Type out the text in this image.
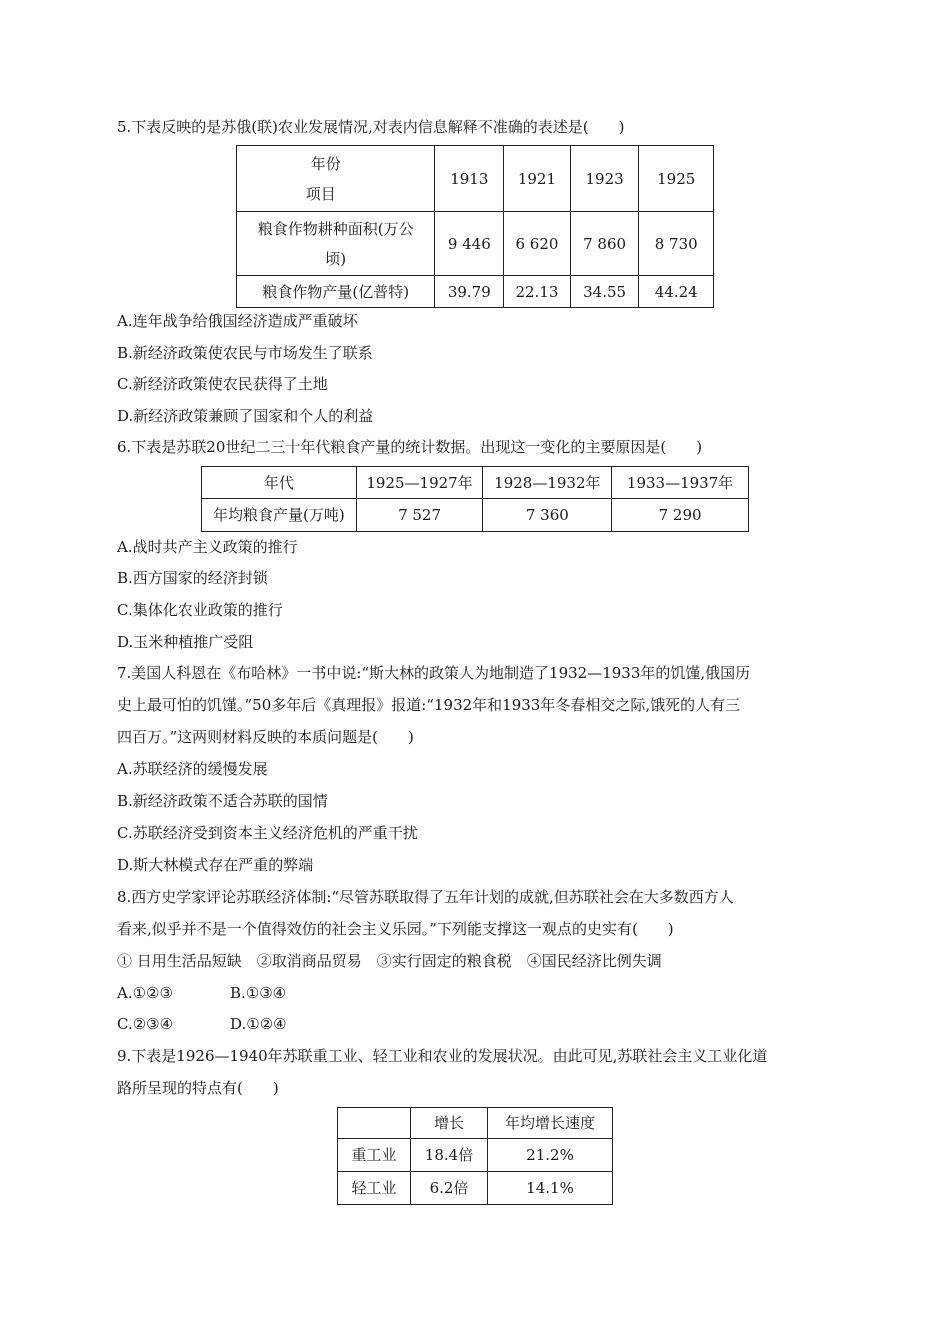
5.下表反映的是苏俄(联)农业发展情况,对表内信息解释不准确的表述是(　　)
年份
项目	1913	1921	1923	1925

粮食作物耕种面积(万公
顷)	9 446	6 620	7 860	8 730
粮食作物产量(亿普特)	39.79	22.13	34.55	44.24
A.连年战争给俄国经济造成严重破坏
B.新经济政策使农民与市场发生了联系
C.新经济政策使农民获得了土地
D.新经济政策兼顾了国家和个人的利益
6.下表是苏联20世纪二三十年代粮食产量的统计数据。出现这一变化的主要原因是(　　)
年代	1925—1927年	1928—1932年	1933—1937年
年均粮食产量(万吨)	7 527	7 360	7 290
A.战时共产主义政策的推行
B.西方国家的经济封锁
C.集体化农业政策的推行
D.玉米种植推广受阻
7.美国人科恩在《布哈林》一书中说:“斯大林的政策人为地制造了1932—1933年的饥馑,俄国历
史上最可怕的饥馑。”50多年后《真理报》报道:“1932年和1933年冬春相交之际,饿死的人有三
四百万。”这两则材料反映的本质问题是(　　)
A.苏联经济的缓慢发展
B.新经济政策不适合苏联的国情
C.苏联经济受到资本主义经济危机的严重干扰
D.斯大林模式存在严重的弊端
8.西方史学家评论苏联经济体制:“尽管苏联取得了五年计划的成就,但苏联社会在大多数西方人
看来,似乎并不是一个值得效仿的社会主义乐园。”下列能支撑这一观点的史实有(　　)
① 日用生活品短缺　②取消商品贸易　③实行固定的粮食税　④国民经济比例失调
A.①②③	B.①③④
C.②③④	D.①②④
9.下表是1926—1940年苏联重工业、轻工业和农业的发展状况。由此可见,苏联社会主义工业化道
路所呈现的特点有(　　)
	增长	年均增长速度
重工业	18.4倍	21.2%
轻工业	6.2倍	14.1%
